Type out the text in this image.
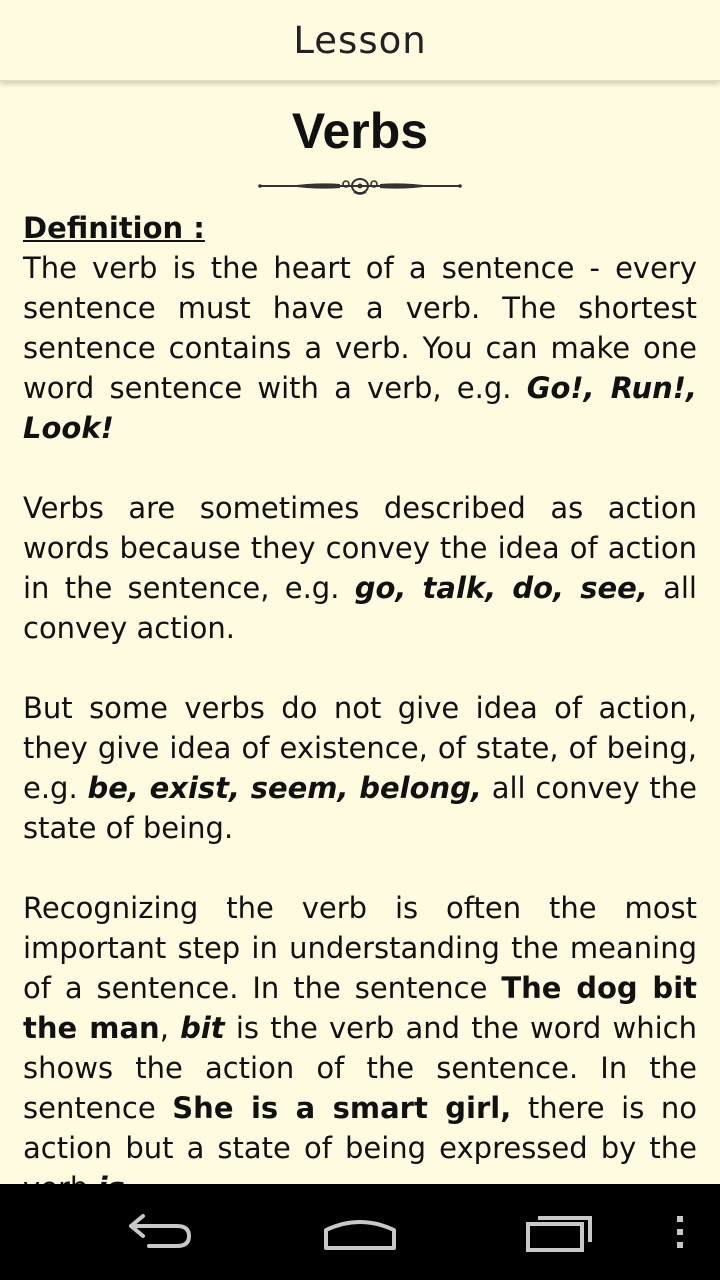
Lesson
Verbs
Definition :
The verb is the heart of a sentence - every sentence must have a verb. The shortest sentence contains a verb. You can make one word sentence with a verb, e.g. Go!, Run!, Look!
Verbs are sometimes described as action words because they convey the idea of action in the sentence, e.g. go, talk, do, see, all convey action.
But some verbs do not give idea of action, they give idea of existence, of state, of being, e.g. be, exist, seem, belong, all convey the state of being.
Recognizing the verb is often the most important step in understanding the meaning of a sentence. In the sentence The dog bit the man, bit is the verb and the word which shows the action of the sentence. In the sentence She is a smart girl, there is no action but a state of being expressed by the
